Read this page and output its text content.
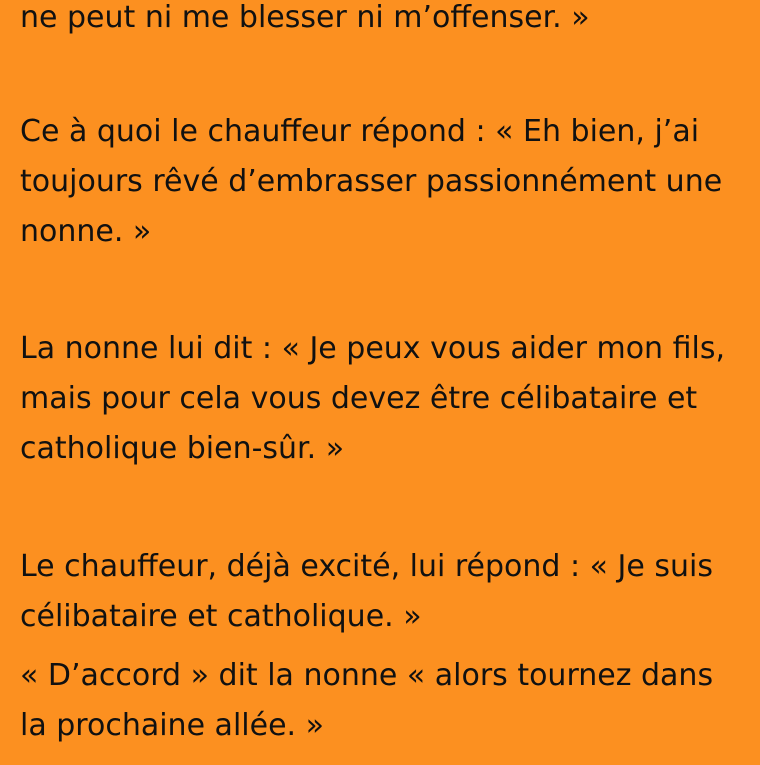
ne peut ni me blesser ni m’offenser. »

Ce à quoi le chauffeur répond : « Eh bien, j’ai toujours rêvé d’embrasser passionnément une nonne. »

La nonne lui dit : « Je peux vous aider mon fils, mais pour cela vous devez être célibataire et catholique bien-sûr. »

Le chauffeur, déjà excité, lui répond : « Je suis célibataire et catholique. »

« D’accord » dit la nonne « alors tournez dans la prochaine allée. »
